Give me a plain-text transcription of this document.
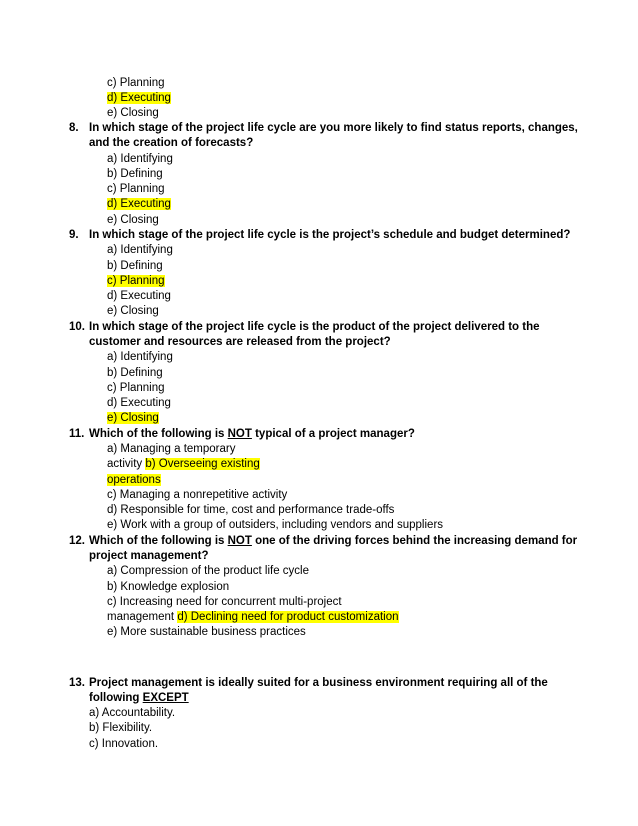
c) Planning
d) Executing
e) Closing
8. In which stage of the project life cycle are you more likely to find status reports, changes,
and the creation of forecasts?
a) Identifying
b) Defining
c) Planning
d) Executing
e) Closing
9. In which stage of the project life cycle is the project’s schedule and budget determined?
a) Identifying
b) Defining
c) Planning
d) Executing
e) Closing
10. In which stage of the project life cycle is the product of the project delivered to the
customer and resources are released from the project?
a) Identifying
b) Defining
c) Planning
d) Executing
e) Closing
11. Which of the following is NOT typical of a project manager?
a) Managing a temporary
activity b) Overseeing existing
operations
c) Managing a nonrepetitive activity
d) Responsible for time, cost and performance trade-offs
e) Work with a group of outsiders, including vendors and suppliers
12. Which of the following is NOT one of the driving forces behind the increasing demand for
project management?
a) Compression of the product life cycle
b) Knowledge explosion
c) Increasing need for concurrent multi-project
management d) Declining need for product customization
e) More sustainable business practices
13. Project management is ideally suited for a business environment requiring all of the
following EXCEPT
a) Accountability.
b) Flexibility.
c) Innovation.
